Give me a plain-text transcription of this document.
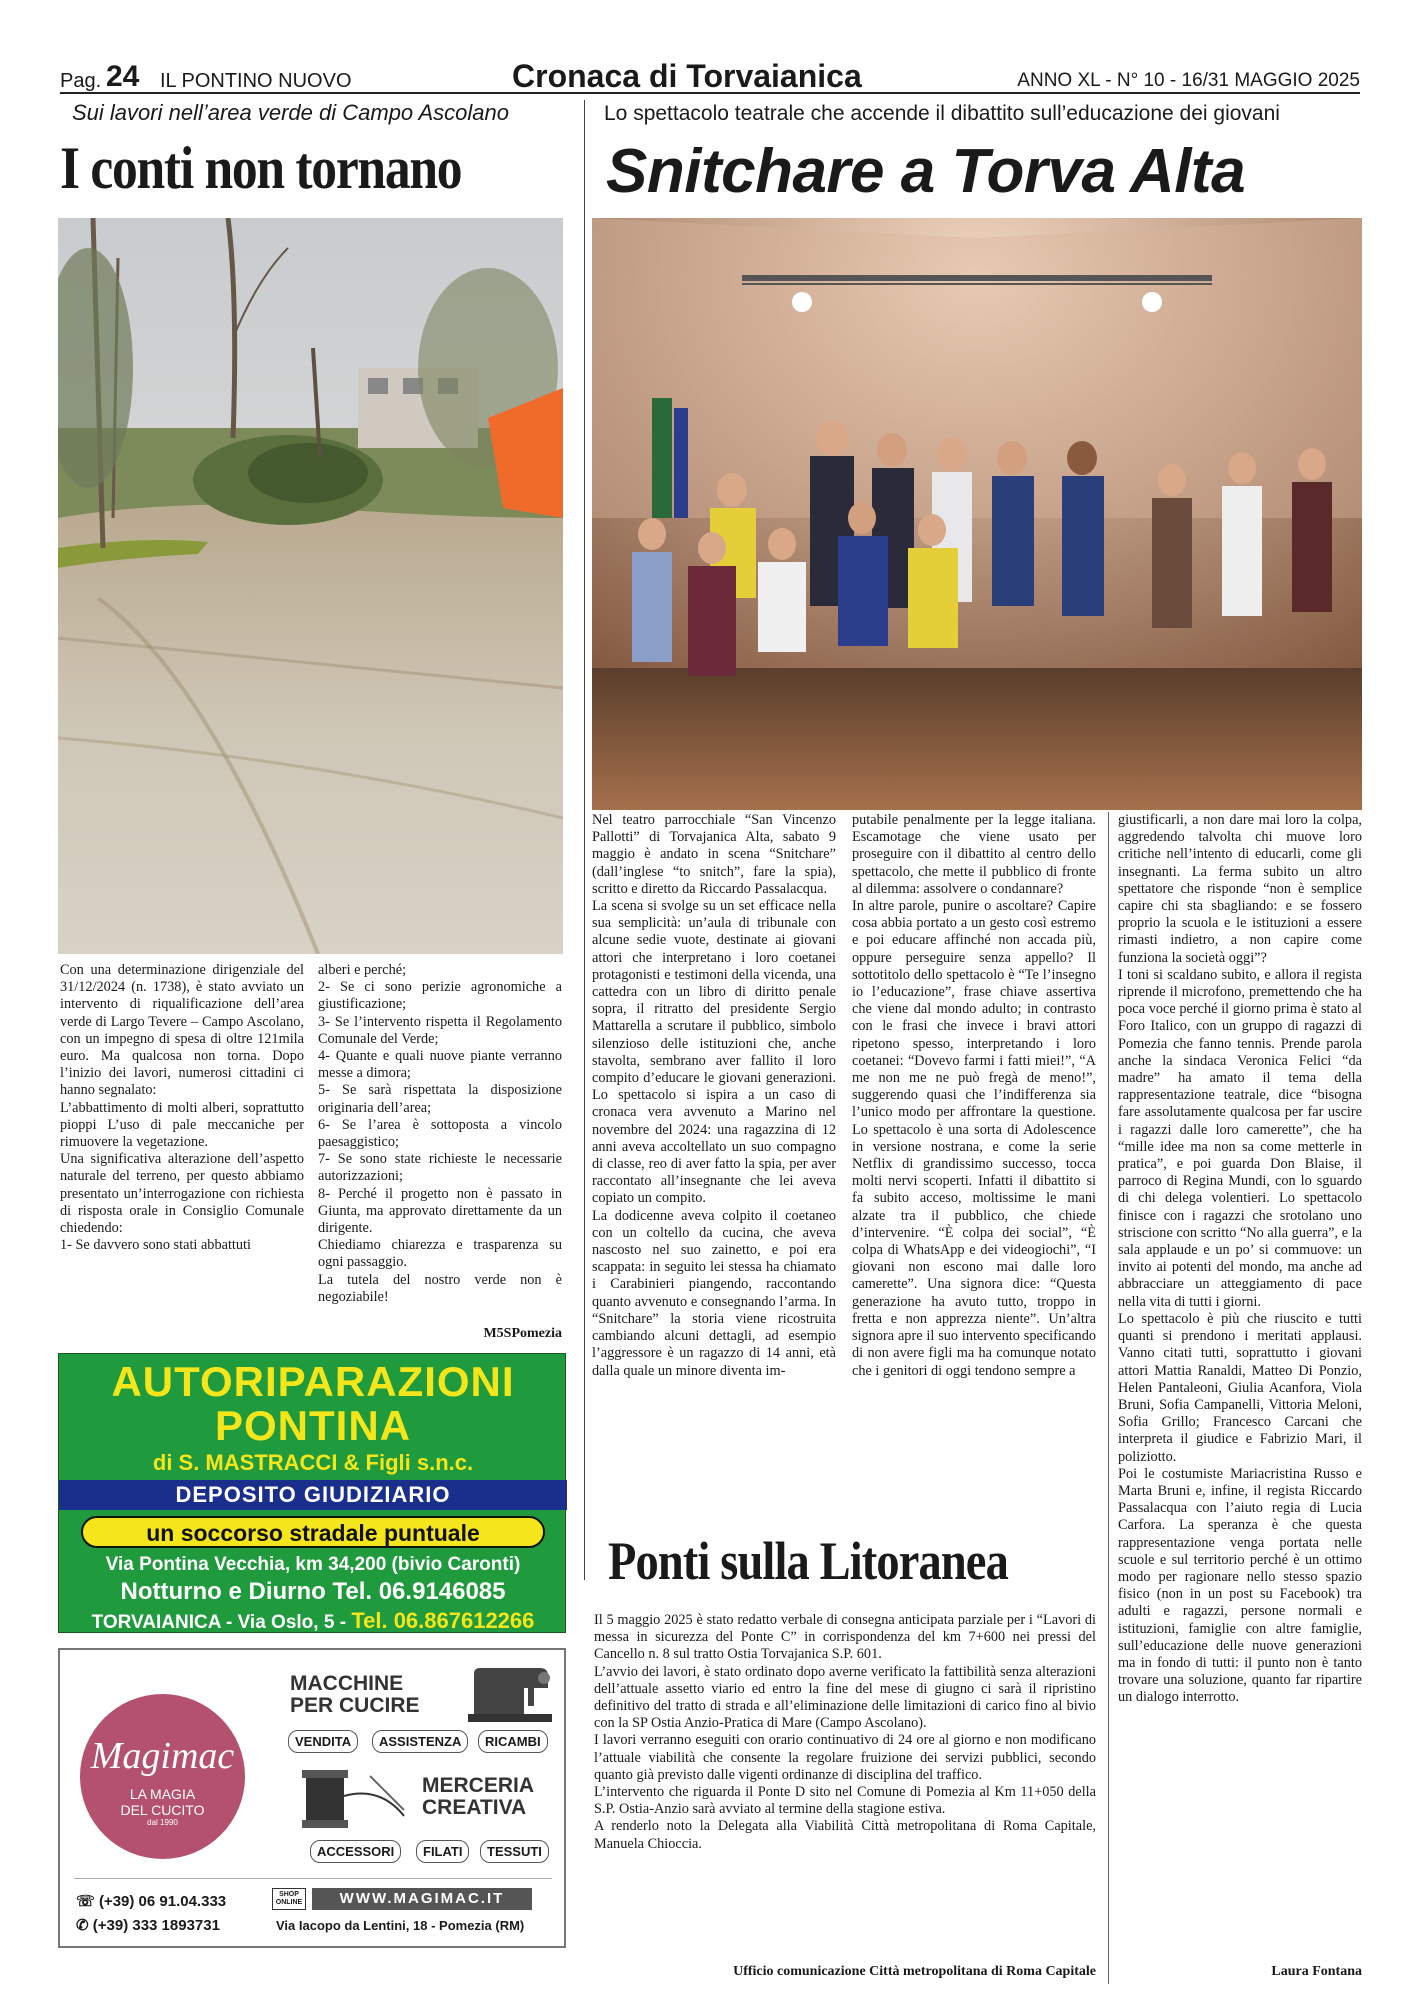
Pag. 24 IL PONTINO NUOVO	Cronaca di Torvaianica	ANNO XL - N° 10 - 16/31 MAGGIO 2025
Sui lavori nell’area verde di Campo Ascolano
I conti non tornano

Con una determinazione dirigenziale del 31/12/2024 (n. 1738), è stato avviato un intervento di riqualificazione dell’area verde di Largo Tevere – Campo Ascolano, con un impegno di spesa di oltre 121mila euro. Ma qualcosa non torna. Dopo l’inizio dei lavori, numerosi cittadini ci hanno segnalato:

L’abbattimento di molti alberi, soprattutto pioppi L’uso di pale meccaniche per rimuovere la vegetazione.

Una significativa alterazione dell’aspetto naturale del terreno, per questo abbiamo presentato un’interrogazione con richiesta di risposta orale in Consiglio Comunale chiedendo:

1- Se davvero sono stati abbattuti

alberi e perché;

2- Se ci sono perizie agronomiche a giustificazione;

3- Se l’intervento rispetta il Regolamento Comunale del Verde;

4- Quante e quali nuove piante verranno messe a dimora;

5- Se sarà rispettata la disposizione originaria dell’area;

6- Se l’area è sottoposta a vincolo paesaggistico;

7- Se sono state richieste le necessarie autorizzazioni;

8- Perché il progetto non è passato in Giunta, ma approvato direttamente da un dirigente.

Chiediamo chiarezza e trasparenza su ogni passaggio.

La tutela del nostro verde non è negoziabile!

M5SPomezia
AUTORIPARAZIONI
PONTINA
di S. MASTRACCI & Figli s.n.c.
DEPOSITO GIUDIZIARIO
un soccorso stradale puntuale
Via Pontina Vecchia, km 34,200 (bivio Caronti)
Notturno e Diurno Tel. 06.9146085
TORVAIANICA - Via Oslo, 5 - Tel. 06.867612266
Magimac
LA MAGIA
DEL CUCITO
dal 1990
MACCHINE
PER CUCIRE
VENDITA	ASSISTENZA	RICAMBI
MERCERIA
CREATIVA
ACCESSORI	FILATI	TESSUTI
☏ (+39) 06 91.04.333
✆ (+39) 333 1893731
SHOP ONLINE	WWW.MAGIMAC.IT
Via Iacopo da Lentini, 18 - Pomezia (RM)
Lo spettacolo teatrale che accende il dibattito sull’educazione dei giovani
Snitchare a Torva Alta

Nel teatro parrocchiale “San Vincenzo Pallotti” di Torvajanica Alta, sabato 9 maggio è andato in scena “Snitchare” (dall’inglese “to snitch”, fare la spia), scritto e diretto da Riccardo Passalacqua.

La scena si svolge su un set efficace nella sua semplicità: un’aula di tribunale con alcune sedie vuote, destinate ai giovani attori che interpretano i loro coetanei protagonisti e testimoni della vicenda, una cattedra con un libro di diritto penale sopra, il ritratto del presidente Sergio Mattarella a scrutare il pubblico, simbolo silenzioso delle istituzioni che, anche stavolta, sembrano aver fallito il loro compito d’educare le giovani generazioni. Lo spettacolo si ispira a un caso di cronaca vera avvenuto a Marino nel novembre del 2024: una ragazzina di 12 anni aveva accoltellato un suo compagno di classe, reo di aver fatto la spia, per aver raccontato all’insegnante che lei aveva copiato un compito.

La dodicenne aveva colpito il coetaneo con un coltello da cucina, che aveva nascosto nel suo zainetto, e poi era scappata: in seguito lei stessa ha chiamato i Carabinieri piangendo, raccontando quanto avvenuto e consegnando l’arma. In “Snitchare” la storia viene ricostruita cambiando alcuni dettagli, ad esempio l’aggressore è un ragazzo di 14 anni, età dalla quale un minore diventa im-

putabile penalmente per la legge italiana. Escamotage che viene usato per proseguire con il dibattito al centro dello spettacolo, che mette il pubblico di fronte al dilemma: assolvere o condannare?

In altre parole, punire o ascoltare? Capire cosa abbia portato a un gesto così estremo e poi educare affinché non accada più, oppure perseguire senza appello? Il sottotitolo dello spettacolo è “Te l’insegno io l’educazione”, frase chiave assertiva che viene dal mondo adulto; in contrasto con le frasi che invece i bravi attori ripetono spesso, interpretando i loro coetanei: “Dovevo farmi i fatti miei!”, “A me non me ne può fregà de meno!”, suggerendo quasi che l’indifferenza sia l’unico modo per affrontare la questione. Lo spettacolo è una sorta di Adolescence in versione nostrana, e come la serie Netflix di grandissimo successo, tocca molti nervi scoperti. Infatti il dibattito si fa subito acceso, moltissime le mani alzate tra il pubblico, che chiede d’intervenire. “È colpa dei social”, “È colpa di WhatsApp e dei videogiochi”, “I giovani non escono mai dalle loro camerette”. Una signora dice: “Questa generazione ha avuto tutto, troppo in fretta e non apprezza niente”. Un’altra signora apre il suo intervento specificando di non avere figli ma ha comunque notato che i genitori di oggi tendono sempre a

giustificarli, a non dare mai loro la colpa, aggredendo talvolta chi muove loro critiche nell’intento di educarli, come gli insegnanti. La ferma subito un altro spettatore che risponde “non è semplice capire chi sta sbagliando: e se fossero proprio la scuola e le istituzioni a essere rimasti indietro, a non capire come funziona la società oggi”?

I toni si scaldano subito, e allora il regista riprende il microfono, premettendo che ha poca voce perché il giorno prima è stato al Foro Italico, con un gruppo di ragazzi di Pomezia che fanno tennis. Prende parola anche la sindaca Veronica Felici “da madre” ha amato il tema della rappresentazione teatrale, dice “bisogna fare assolutamente qualcosa per far uscire i ragazzi dalle loro camerette”, che ha “mille idee ma non sa come metterle in pratica”, e poi guarda Don Blaise, il parroco di Regina Mundi, con lo sguardo di chi delega volentieri. Lo spettacolo finisce con i ragazzi che srotolano uno striscione con scritto “No alla guerra”, e la sala applaude e un po’ si commuove: un invito ai potenti del mondo, ma anche ad abbracciare un atteggiamento di pace nella vita di tutti i giorni.

Lo spettacolo è più che riuscito e tutti quanti si prendono i meritati applausi. Vanno citati tutti, soprattutto i giovani attori Mattia Ranaldi, Matteo Di Ponzio, Helen Pantaleoni, Giulia Acanfora, Viola Bruni, Sofia Campanelli, Vittoria Meloni, Sofia Grillo; Francesco Carcani che interpreta il giudice e Fabrizio Mari, il poliziotto.

Poi le costumiste Mariacristina Russo e Marta Bruni e, infine, il regista Riccardo Passalacqua con l’aiuto regia di Lucia Carfora. La speranza è che questa rappresentazione venga portata nelle scuole e sul territorio perché è un ottimo modo per ragionare nello stesso spazio fisico (non in un post su Facebook) tra adulti e ragazzi, persone normali e istituzioni, famiglie con altre famiglie, sull’educazione delle nuove generazioni ma in fondo di tutti: il punto non è tanto trovare una soluzione, quanto far ripartire un dialogo interrotto.

Laura Fontana
Ponti sulla Litoranea

Il 5 maggio 2025 è stato redatto verbale di consegna anticipata parziale per i “Lavori di messa in sicurezza del Ponte C” in corrispondenza del km 7+600 nei pressi del Cancello n. 8 sul tratto Ostia Torvajanica S.P. 601.

L’avvio dei lavori, è stato ordinato dopo averne verificato la fattibilità senza alterazioni dell’attuale assetto viario ed entro la fine del mese di giugno ci sarà il ripristino definitivo del tratto di strada e all’eliminazione delle limitazioni di carico fino al bivio con la SP Ostia Anzio-Pratica di Mare (Campo Ascolano).

I lavori verranno eseguiti con orario continuativo di 24 ore al giorno e non modificano l’attuale viabilità che consente la regolare fruizione dei servizi pubblici, secondo quanto già previsto dalle vigenti ordinanze di disciplina del traffico.

L’intervento che riguarda il Ponte D sito nel Comune di Pomezia al Km 11+050 della S.P. Ostia-Anzio sarà avviato al termine della stagione estiva.

A renderlo noto la Delegata alla Viabilità Città metropolitana di Roma Capitale, Manuela Chioccia.

Ufficio comunicazione Città metropolitana di Roma Capitale
